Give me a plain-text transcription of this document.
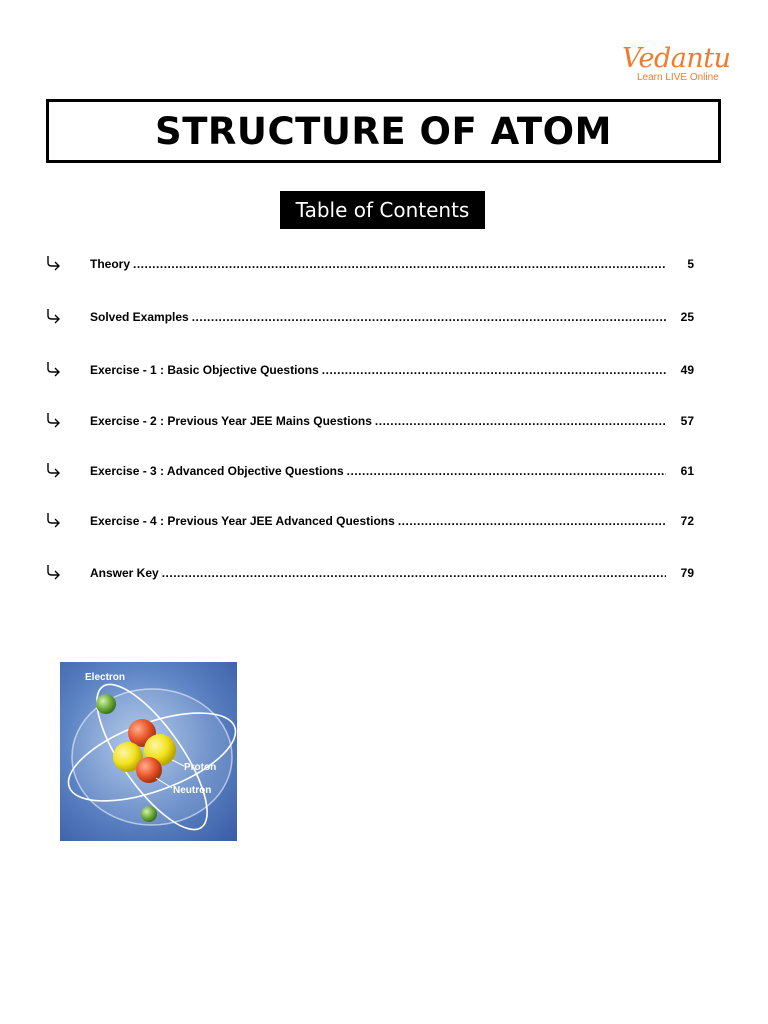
Vedantu
Learn LIVE Online
STRUCTURE OF ATOM
Table of Contents
Theory .....	5
Solved Examples .....	25
Exercise - 1 : Basic Objective Questions .....	49
Exercise - 2 : Previous Year JEE Mains Questions .....	57
Exercise - 3 : Advanced Objective Questions .....	61
Exercise - 4 : Previous Year JEE Advanced Questions .....	72
Answer Key .....	79
Electron
Proton
Neutron
